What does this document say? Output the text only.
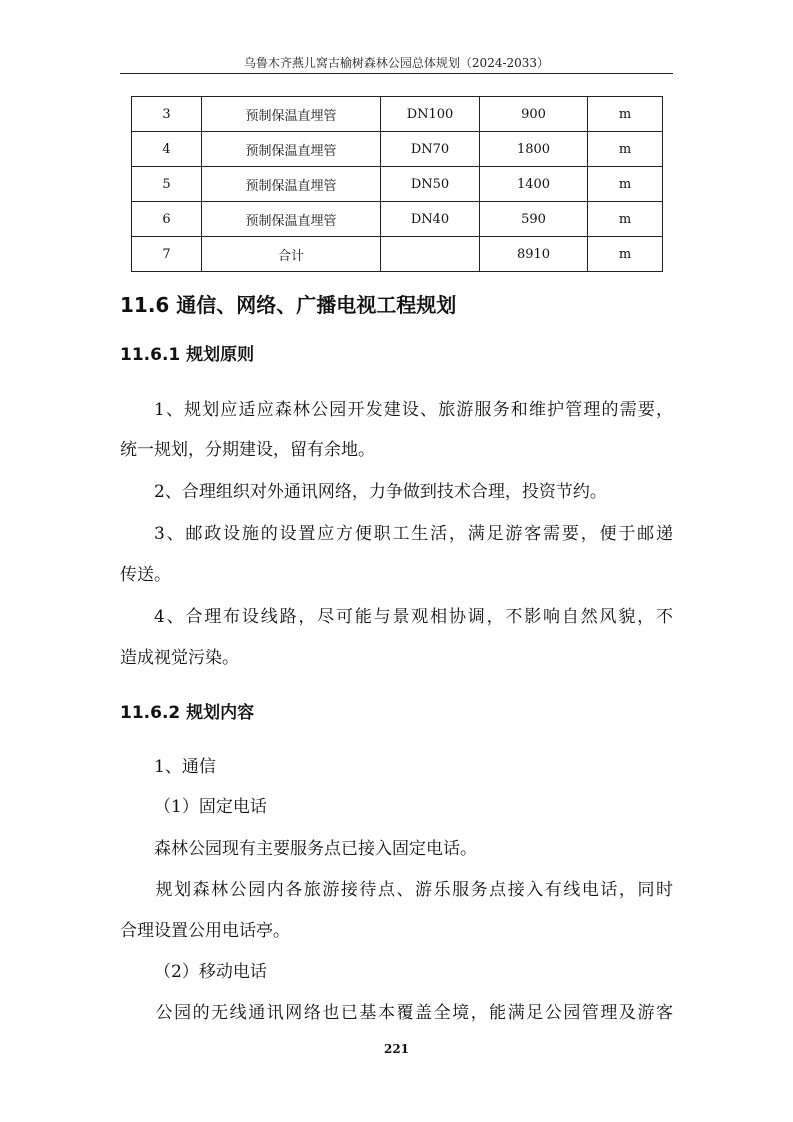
乌鲁木齐燕儿窝古榆树森林公园总体规划（2024-2033）
3	预制保温直埋管	DN100	900	m
4	预制保温直埋管	DN70	1800	m
5	预制保温直埋管	DN50	1400	m
6	预制保温直埋管	DN40	590	m
7	合计		8910	m
11.6 通信、网络、广播电视工程规划
11.6.1 规划原则
1、规划应适应森林公园开发建设、旅游服务和维护管理的需要，
统一规划，分期建设，留有余地。
2、合理组织对外通讯网络，力争做到技术合理，投资节约。
3、邮政设施的设置应方便职工生活，满足游客需要，便于邮递
传送。
4、合理布设线路，尽可能与景观相协调，不影响自然风貌，不
造成视觉污染。
11.6.2 规划内容
1、通信
（1）固定电话
森林公园现有主要服务点已接入固定电话。
规划森林公园内各旅游接待点、游乐服务点接入有线电话，同时
合理设置公用电话亭。
（2）移动电话
公园的无线通讯网络也已基本覆盖全境，能满足公园管理及游客
221
